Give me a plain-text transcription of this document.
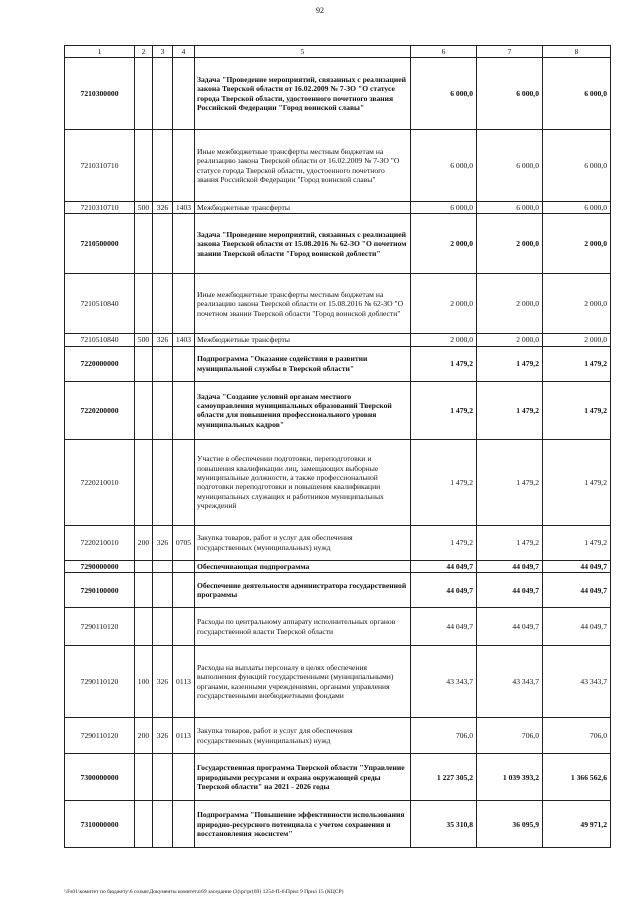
92
1	2	3	4	5	6	7	8
7210300000				Задача "Проведение мероприятий, связанных с реализацией закона Тверской области от 16.02.2009 № 7-ЗО "О статусе города Тверской области, удостоенного почетного звания Российской Федерации "Город воинской славы"	6 000,0	6 000,0	6 000,0
7210310710				Иные межбюджетные трансферты местным бюджетам на реализацию закона Тверской области от 16.02.2009 № 7-ЗО "О статусе города Тверской области, удостоенного почетного звания Российской Федерации "Город воинской славы"	6 000,0	6 000,0	6 000,0
7210310710	500	326	1403	Межбюджетные трансферты	6 000,0	6 000,0	6 000,0
7210500000				Задача "Проведение мероприятий, связанных с реализацией закона Тверской области от 15.08.2016 № 62-ЗО "О почетном звании Тверской области "Город воинской доблести"	2 000,0	2 000,0	2 000,0
7210510840				Иные межбюджетные трансферты местным бюджетам на реализацию закона Тверской области от 15.08.2016 № 62-ЗО "О почетном звании Тверской области "Город воинской доблести"	2 000,0	2 000,0	2 000,0
7210510840	500	326	1403	Межбюджетные трансферты	2 000,0	2 000,0	2 000,0
7220000000				Подпрограмма "Оказание содействия в развитии муниципальной службы в Тверской области"	1 479,2	1 479,2	1 479,2
7220200000				Задача "Создание условий органам местного самоуправления муниципальных образований Тверской области для повышения профессионального уровня муниципальных кадров"	1 479,2	1 479,2	1 479,2
7220210010				Участие в обеспечении подготовки, переподготовки и повышения квалификации лиц, замещающих выборные муниципальные должности, а также профессиональной подготовки переподготовки и повышения квалификации муниципальных служащих и работников муниципальных учреждений	1 479,2	1 479,2	1 479,2
7220210010	200	326	0705	Закупка товаров, работ и услуг для обеспечения государственных (муниципальных) нужд	1 479,2	1 479,2	1 479,2
7290000000				Обеспечивающая подпрограмма	44 049,7	44 049,7	44 049,7
7290100000				Обеспечение деятельности администратора государственной программы	44 049,7	44 049,7	44 049,7
7290110120				Расходы по центральному аппарату исполнительных органов государственной власти Тверской области	44 049,7	44 049,7	44 049,7
7290110120	100	326	0113	Расходы на выплаты персоналу в целях обеспечения выполнения функций государственными (муниципальными) органами, казенными учреждениями, органами управления государственными внебюджетными фондами	43 343,7	43 343,7	43 343,7
7290110120	200	326	0113	Закупка товаров, работ и услуг для обеспечения государственных (муниципальных) нужд	706,0	706,0	706,0
7300000000				Государственная программа Тверской области "Управление природными ресурсами и охрана окружающей среды Тверской области" на 2021 - 2026 годы	1 227 305,2	1 039 393,2	1 366 562,6
7310000000				Подпрограмма "Повышение эффективности использования природно-ресурсного потенциала с учетом сохранения и восстановления экосистем"	35 310,8	36 095,9	49 971,2
\\Fs01\комитет по бюджету\6 созыв\Документы комитета\69 заседание (3)\pr\pr(69) 1254-П-6\Прил 9 Прил 15 (КЦСР)
